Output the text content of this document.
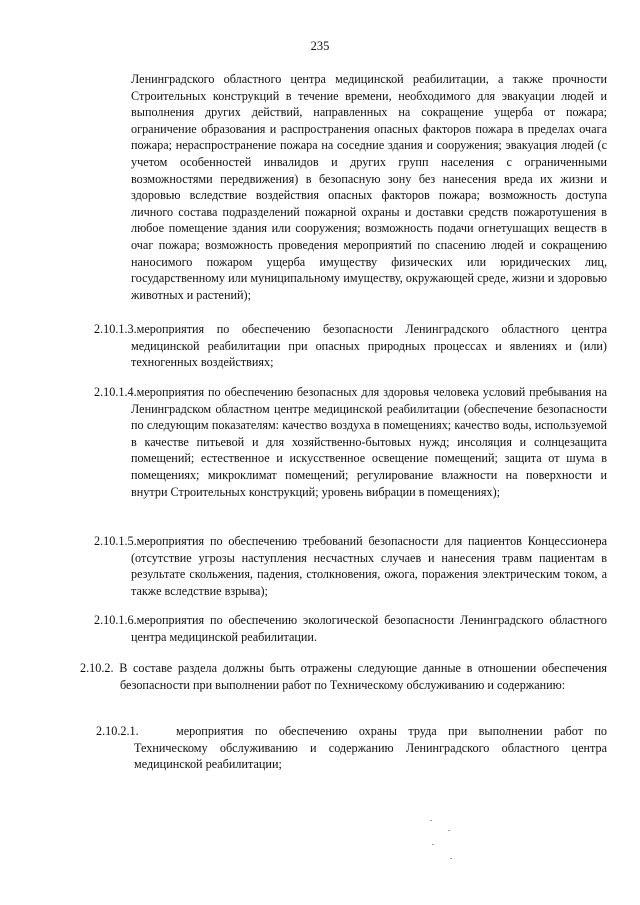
235
Ленинградского областного центра медицинской реабилитации, а также прочности Строительных конструкций в течение времени, необходимого для эвакуации людей и выполнения других действий, направленных на сокращение ущерба от пожара; ограничение образования и распространения опасных факторов пожара в пределах очага пожара; нераспространение пожара на соседние здания и сооружения; эвакуация людей (с учетом особенностей инвалидов и других групп населения с ограниченными возможностями передвижения) в безопасную зону без нанесения вреда их жизни и здоровью вследствие воздействия опасных факторов пожара; возможность доступа личного состава подразделений пожарной охраны и доставки средств пожаротушения в любое помещение здания или сооружения; возможность подачи огнетушащих веществ в очаг пожара; возможность проведения мероприятий по спасению людей и сокращению наносимого пожаром ущерба имуществу физических или юридических лиц, государственному или муниципальному имуществу, окружающей среде, жизни и здоровью животных и растений);
2.10.1.3.мероприятия по обеспечению безопасности Ленинградского областного центра медицинской реабилитации при опасных природных процессах и явлениях и (или) техногенных воздействиях;
2.10.1.4.мероприятия по обеспечению безопасных для здоровья человека условий пребывания на Ленинградском областном центре медицинской реабилитации (обеспечение безопасности по следующим показателям: качество воздуха в помещениях; качество воды, используемой в качестве питьевой и для хозяйственно-бытовых нужд; инсоляция и солнцезащита помещений; естественное и искусственное освещение помещений; защита от шума в помещениях; микроклимат помещений; регулирование влажности на поверхности и внутри Строительных конструкций; уровень вибрации в помещениях);
2.10.1.5.мероприятия по обеспечению требований безопасности для пациентов Концессионера (отсутствие угрозы наступления несчастных случаев и нанесения травм пациентам в результате скольжения, падения, столкновения, ожога, поражения электрическим током, а также вследствие взрыва);
2.10.1.6.мероприятия по обеспечению экологической безопасности Ленинградского областного центра медицинской реабилитации.
2.10.2. В составе раздела должны быть отражены следующие данные в отношении обеспечения безопасности при выполнении работ по Техническому обслуживанию и содержанию:
2.10.2.1.	мероприятия по обеспечению охраны труда при выполнении работ по Техническому обслуживанию и содержанию Ленинградского областного центра медицинской реабилитации;
